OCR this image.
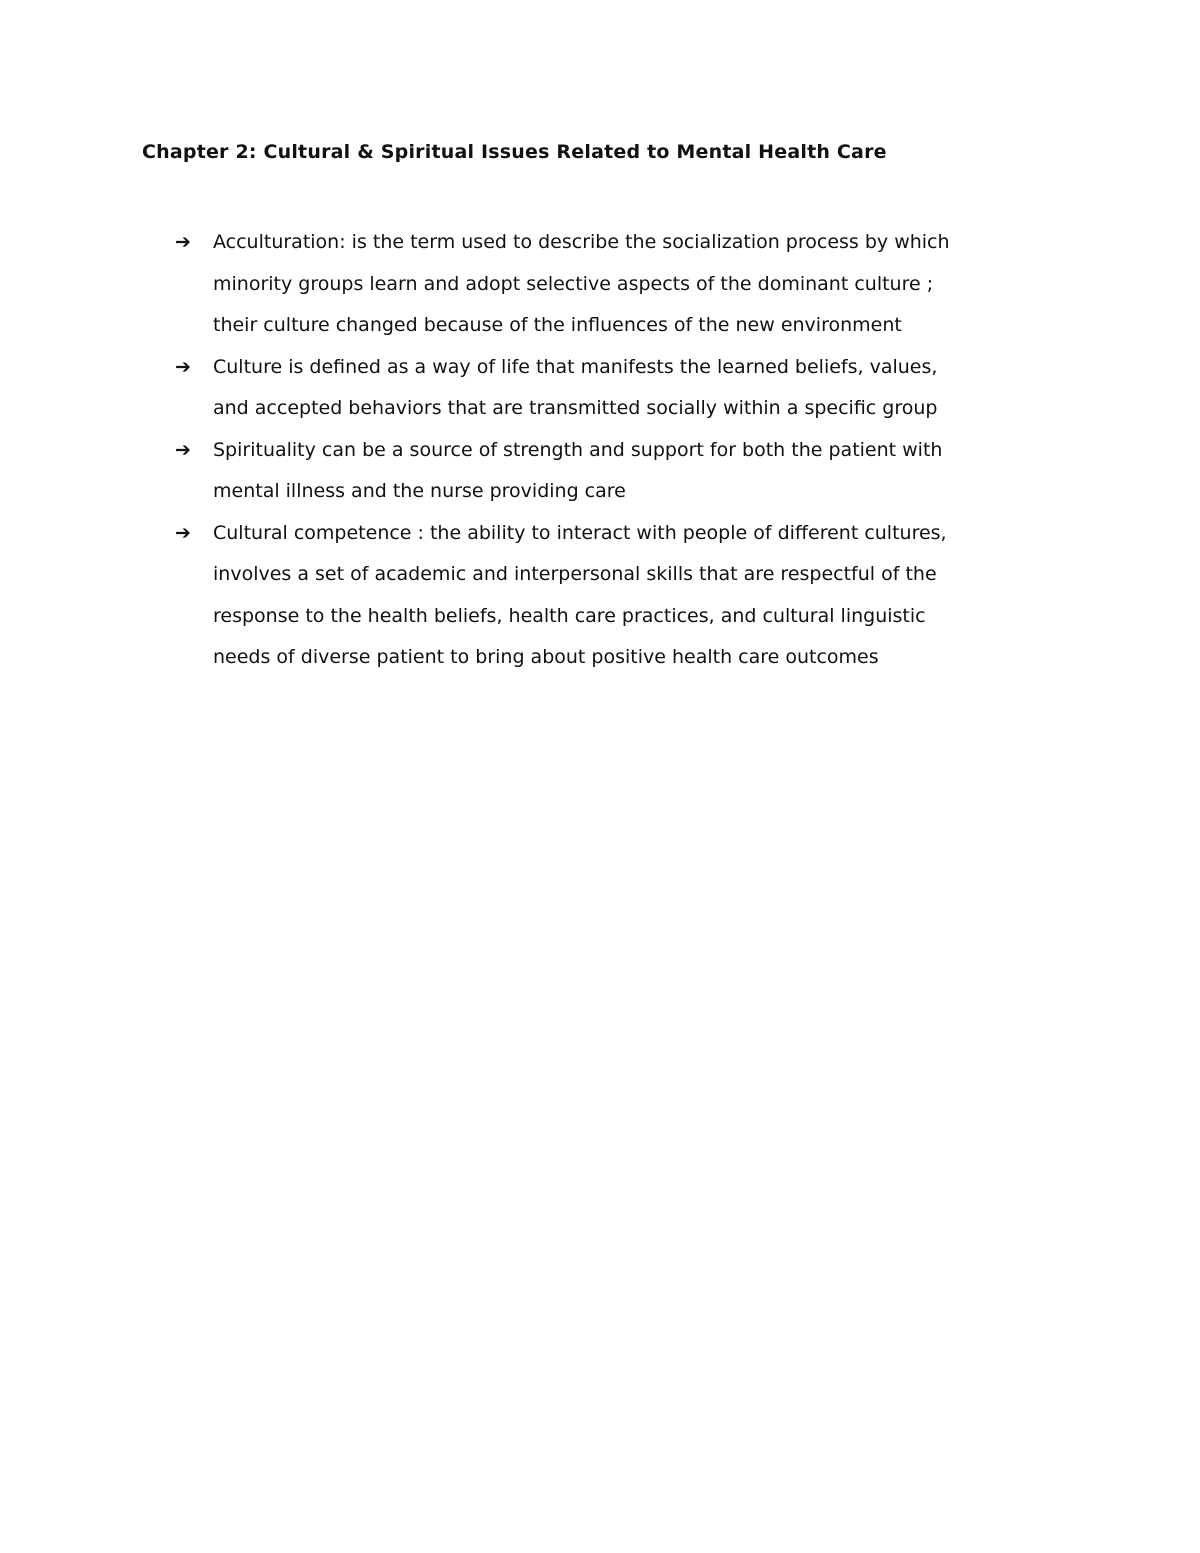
Chapter 2: Cultural & Spiritual Issues Related to Mental Health Care
➔	Acculturation: is the term used to describe the socialization process by which
minority groups learn and adopt selective aspects of the dominant culture ;
their culture changed because of the influences of the new environment
➔	Culture is defined as a way of life that manifests the learned beliefs, values,
and accepted behaviors that are transmitted socially within a specific group
➔	Spirituality can be a source of strength and support for both the patient with
mental illness and the nurse providing care
➔	Cultural competence : the ability to interact with people of different cultures,
involves a set of academic and interpersonal skills that are respectful of the
response to the health beliefs, health care practices, and cultural linguistic
needs of diverse patient to bring about positive health care outcomes
